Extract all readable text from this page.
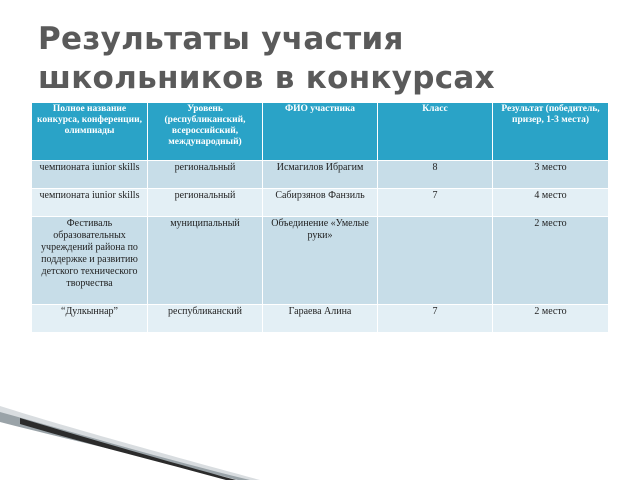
Результаты участия
школьников в конкурсах
Полное название конкурса, конференции, олимпиады	Уровень (республиканский, всероссийский, международный)	ФИО участника	Класс	Результат (победитель, призер, 1-3 места)

чемпионата iunior skills	региональный	Исмагилов Ибрагим	8	3 место

чемпионата iunior skills	региональный	Сабирзянов Фанзиль	7	4 место

Фестиваль образовательных учреждений района по поддержке и развитию детского технического творчества	муниципальный	Объединение «Умелые руки»		2 место

“Дулкыннар”	республиканский	Гараева Алина	7	2 место
